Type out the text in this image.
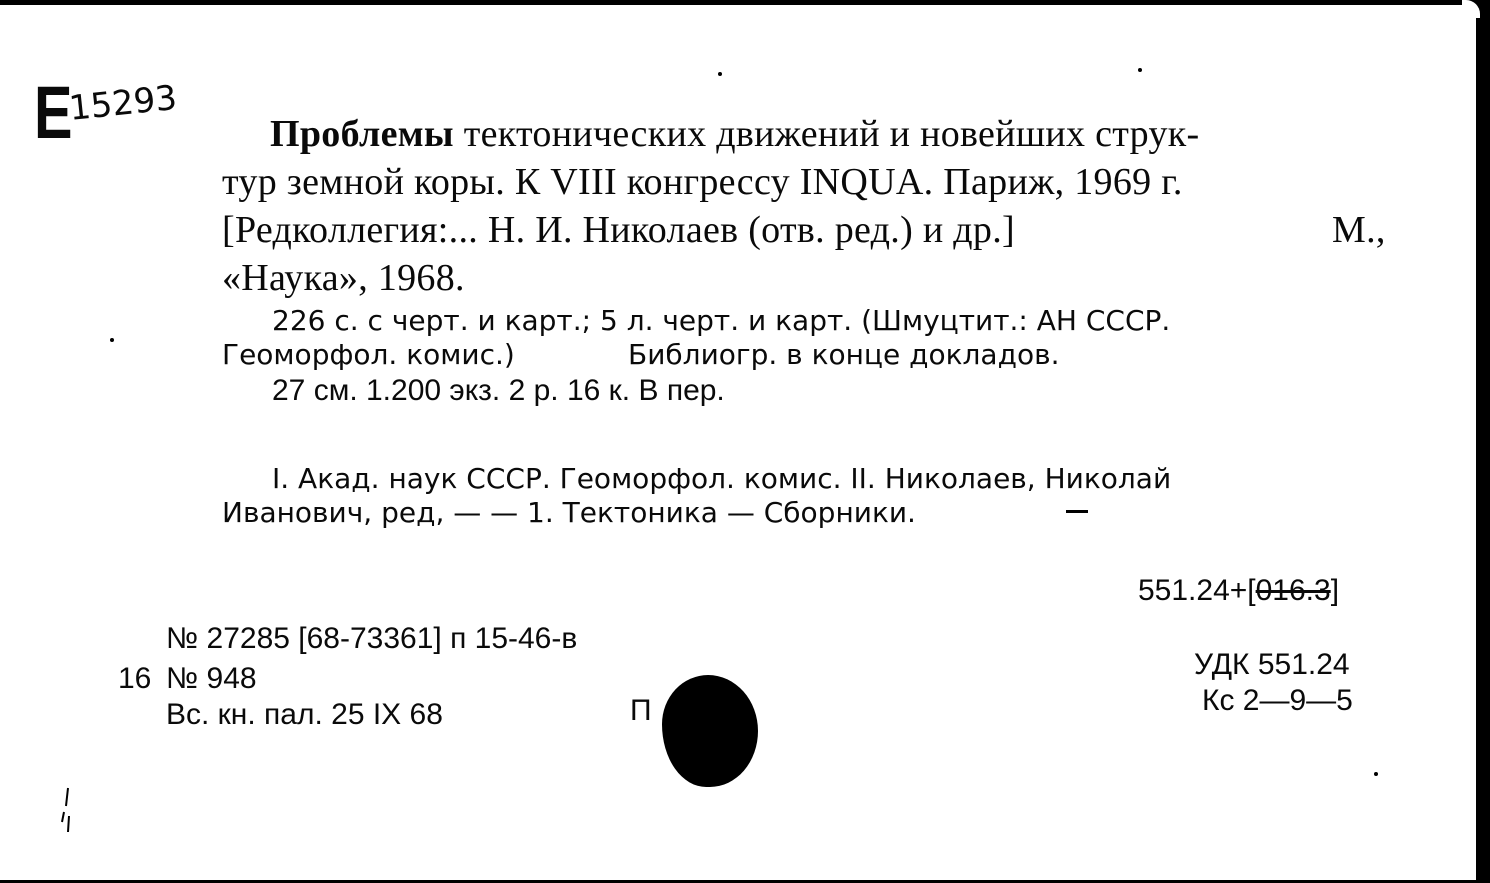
Е
15293
Проблемы тектонических движений и новейших струк-
тур земной коры. К VIII конгрессу INQUA. Париж, 1969 г.
[Редколлегия:... Н. И. Николаев (отв. ред.) и др.]	М.,
«Наука», 1968.
226 с. с черт. и карт.; 5 л. черт. и карт. (Шмуцтит.: АН СССР.
Геоморфол. комис.)	Библиогр. в конце докладов.
27 см. 1.200 экз. 2 р. 16 к. В пер.
I. Акад. наук СССР. Геоморфол. комис. II. Николаев, Николай
Иванович, ред, — — 1. Тектоника — Сборники.
551.24+[016.3]
№ 27285 [68-73361] п 15-46-в
16 № 948
Вс. кн. пал. 25 IX 68	П
УДК 551.24
Кс 2—9—5
